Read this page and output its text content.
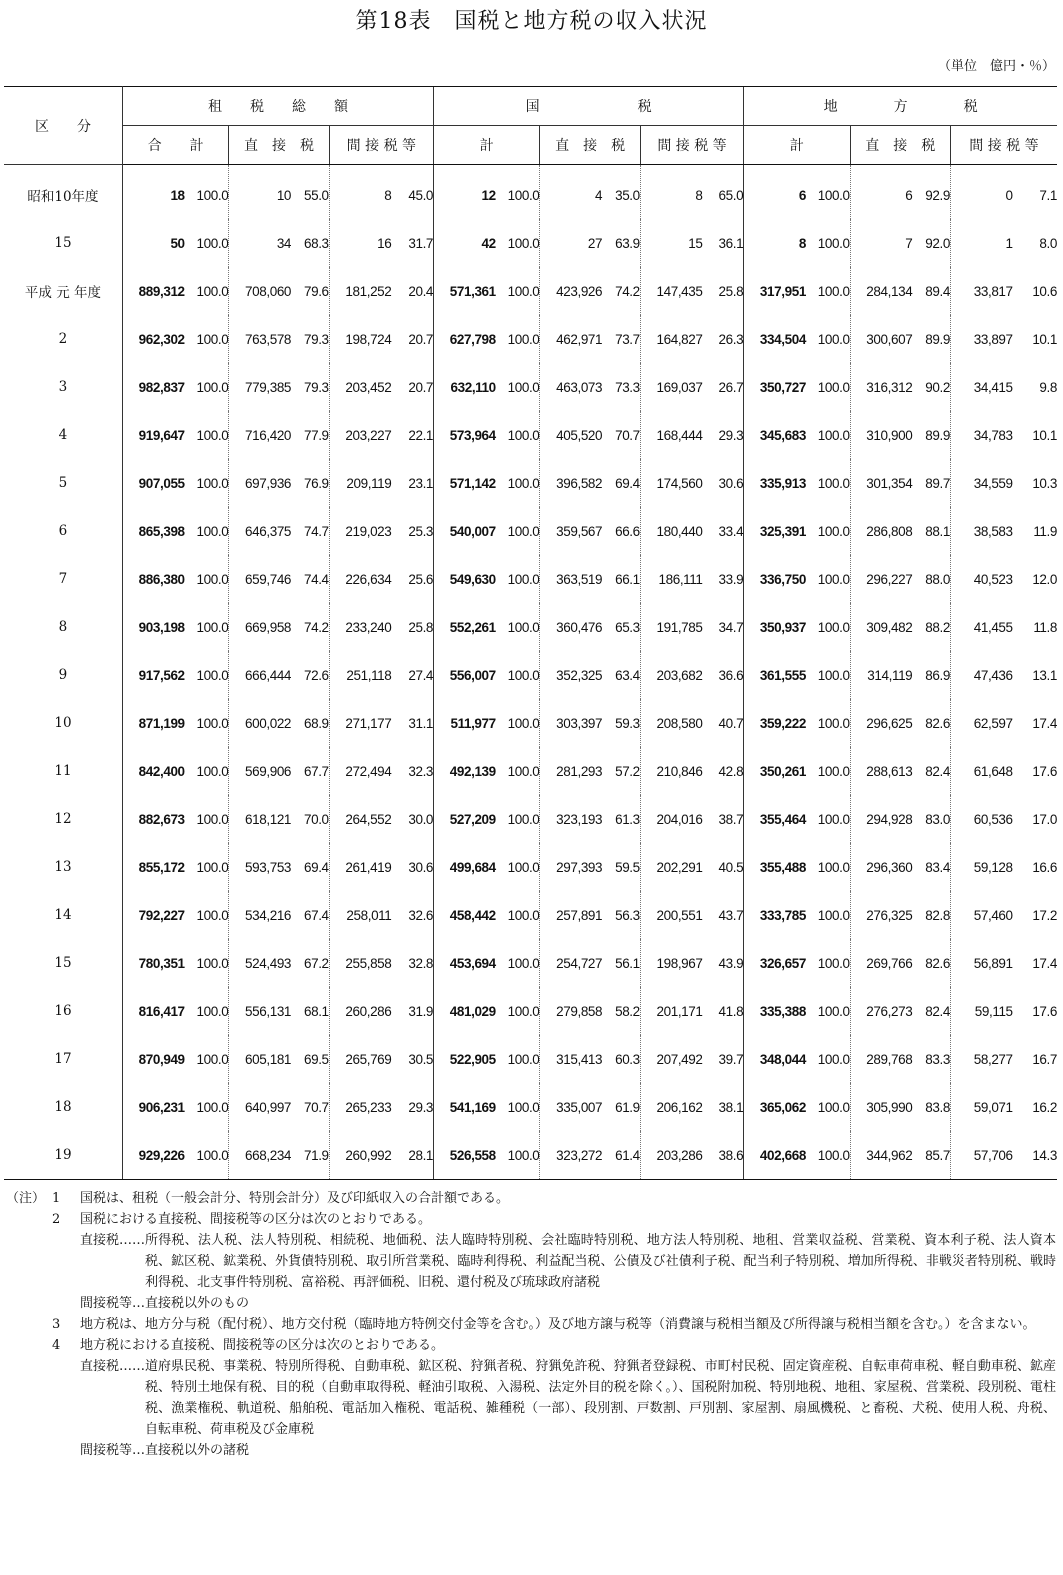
第18表　国税と地方税の収入状況
（単位　億円・％）
区　　分	租　　税　　総　　額						国　　　　　　　税						地　　　　方　　　　税					
	合　　計		直　接　税		間 接 税 等		計		直　接　税		間 接 税 等		計		直　接　税		間 接 税 等	
昭和10年度	18	100.0	10	55.0	8	45.0	12	100.0	4	35.0	8	65.0	6	100.0	6	92.9	0	7.1
15	50	100.0	34	68.3	16	31.7	42	100.0	27	63.9	15	36.1	8	100.0	7	92.0	1	8.0
平成 元 年度	889,312	100.0	708,060	79.6	181,252	20.4	571,361	100.0	423,926	74.2	147,435	25.8	317,951	100.0	284,134	89.4	33,817	10.6
2	962,302	100.0	763,578	79.3	198,724	20.7	627,798	100.0	462,971	73.7	164,827	26.3	334,504	100.0	300,607	89.9	33,897	10.1
3	982,837	100.0	779,385	79.3	203,452	20.7	632,110	100.0	463,073	73.3	169,037	26.7	350,727	100.0	316,312	90.2	34,415	9.8
4	919,647	100.0	716,420	77.9	203,227	22.1	573,964	100.0	405,520	70.7	168,444	29.3	345,683	100.0	310,900	89.9	34,783	10.1
5	907,055	100.0	697,936	76.9	209,119	23.1	571,142	100.0	396,582	69.4	174,560	30.6	335,913	100.0	301,354	89.7	34,559	10.3
6	865,398	100.0	646,375	74.7	219,023	25.3	540,007	100.0	359,567	66.6	180,440	33.4	325,391	100.0	286,808	88.1	38,583	11.9
7	886,380	100.0	659,746	74.4	226,634	25.6	549,630	100.0	363,519	66.1	186,111	33.9	336,750	100.0	296,227	88.0	40,523	12.0
8	903,198	100.0	669,958	74.2	233,240	25.8	552,261	100.0	360,476	65.3	191,785	34.7	350,937	100.0	309,482	88.2	41,455	11.8
9	917,562	100.0	666,444	72.6	251,118	27.4	556,007	100.0	352,325	63.4	203,682	36.6	361,555	100.0	314,119	86.9	47,436	13.1
10	871,199	100.0	600,022	68.9	271,177	31.1	511,977	100.0	303,397	59.3	208,580	40.7	359,222	100.0	296,625	82.6	62,597	17.4
11	842,400	100.0	569,906	67.7	272,494	32.3	492,139	100.0	281,293	57.2	210,846	42.8	350,261	100.0	288,613	82.4	61,648	17.6
12	882,673	100.0	618,121	70.0	264,552	30.0	527,209	100.0	323,193	61.3	204,016	38.7	355,464	100.0	294,928	83.0	60,536	17.0
13	855,172	100.0	593,753	69.4	261,419	30.6	499,684	100.0	297,393	59.5	202,291	40.5	355,488	100.0	296,360	83.4	59,128	16.6
14	792,227	100.0	534,216	67.4	258,011	32.6	458,442	100.0	257,891	56.3	200,551	43.7	333,785	100.0	276,325	82.8	57,460	17.2
15	780,351	100.0	524,493	67.2	255,858	32.8	453,694	100.0	254,727	56.1	198,967	43.9	326,657	100.0	269,766	82.6	56,891	17.4
16	816,417	100.0	556,131	68.1	260,286	31.9	481,029	100.0	279,858	58.2	201,171	41.8	335,388	100.0	276,273	82.4	59,115	17.6
17	870,949	100.0	605,181	69.5	265,769	30.5	522,905	100.0	315,413	60.3	207,492	39.7	348,044	100.0	289,768	83.3	58,277	16.7
18	906,231	100.0	640,997	70.7	265,233	29.3	541,169	100.0	335,007	61.9	206,162	38.1	365,062	100.0	305,990	83.8	59,071	16.2
19	929,226	100.0	668,234	71.9	260,992	28.1	526,558	100.0	323,272	61.4	203,286	38.6	402,668	100.0	344,962	85.7	57,706	14.3
（注） 1	国税は、租税（一般会計分、特別会計分）及び印紙収入の合計額である。
2	国税における直接税、間接税等の区分は次のとおりである。
直接税…… 所得税、法人税、法人特別税、相続税、地価税、法人臨時特別税、会社臨時特別税、地方法人特別税、地租、営業収益税、営業税、資本利子税、法人資本税、鉱区税、鉱業税、外貨債特別税、取引所営業税、臨時利得税、利益配当税、公債及び社債利子税、配当利子特別税、増加所得税、非戦災者特別税、戦時利得税、北支事件特別税、富裕税、再評価税、旧税、還付税及び琉球政府諸税
間接税等…直接税以外のもの
3	地方税は、地方分与税（配付税）、地方交付税（臨時地方特例交付金等を含む。）及び地方譲与税等（消費譲与税相当額及び所得譲与税相当額を含む。）を含まない。
4	地方税における直接税、間接税等の区分は次のとおりである。
直接税…… 道府県民税、事業税、特別所得税、自動車税、鉱区税、狩猟者税、狩猟免許税、狩猟者登録税、市町村民税、固定資産税、自転車荷車税、軽自動車税、鉱産税、特別土地保有税、目的税（自動車取得税、軽油引取税、入湯税、法定外目的税を除く。）、国税附加税、特別地税、地租、家屋税、営業税、段別税、電柱税、漁業権税、軌道税、船舶税、電話加入権税、電話税、雑種税（一部）、段別割、戸数割、戸別割、家屋割、扇風機税、と畜税、犬税、使用人税、舟税、自転車税、荷車税及び金庫税
間接税等…直接税以外の諸税
